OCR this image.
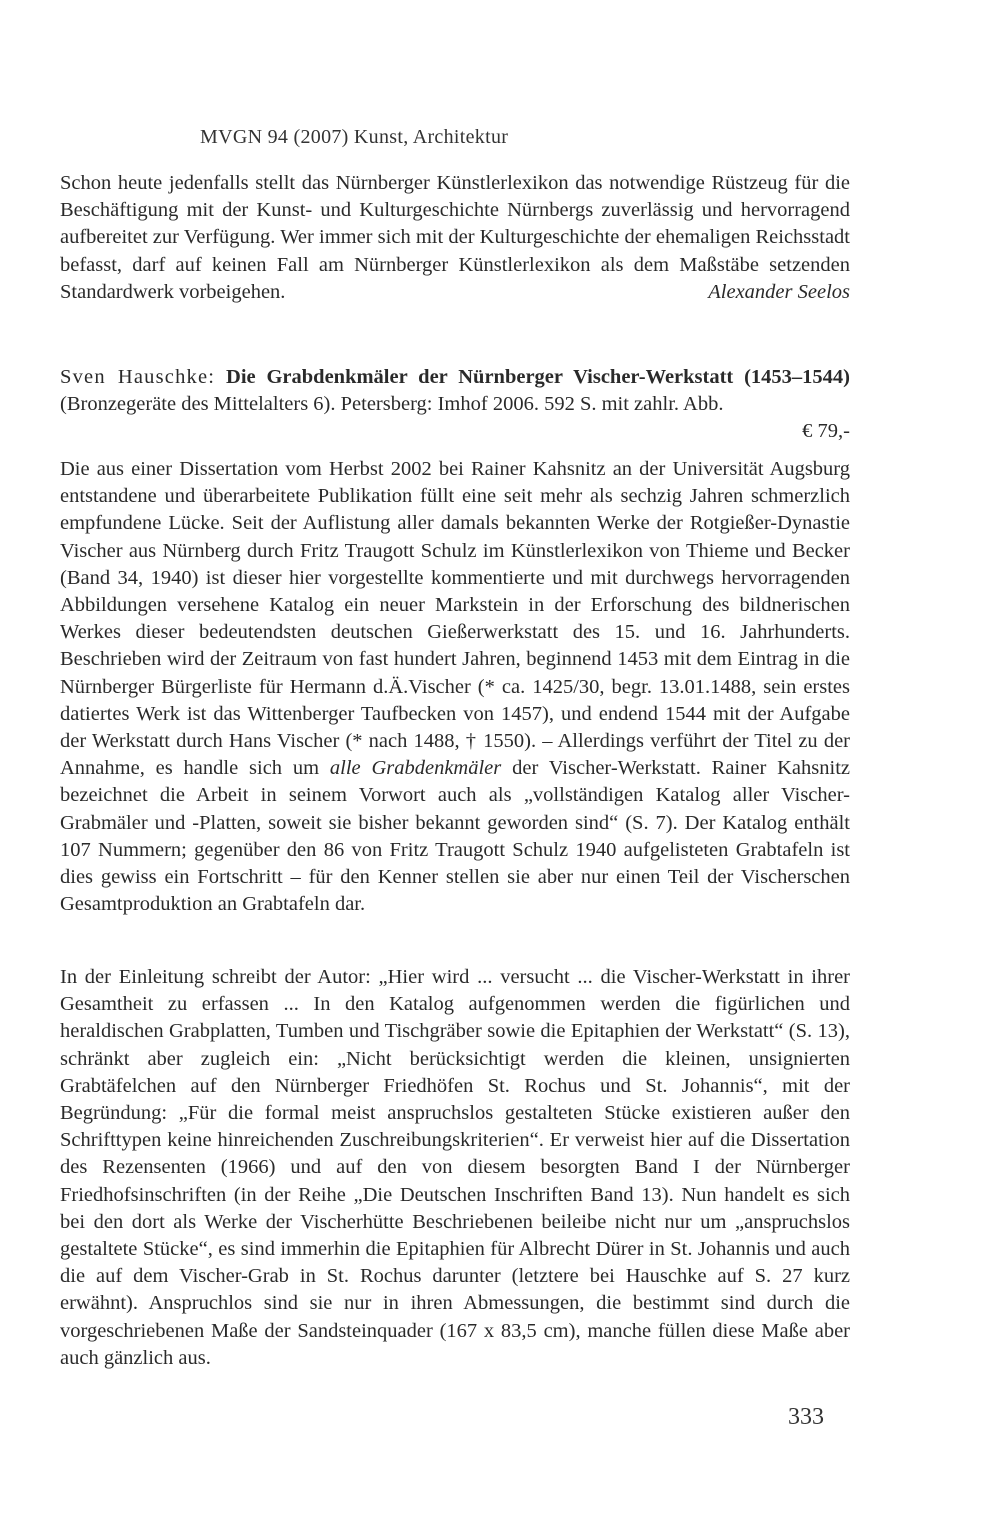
MVGN 94 (2007) Kunst, Architektur

Schon heute jedenfalls stellt das Nürnberger Künstlerlexikon das notwendige Rüstzeug für die Beschäftigung mit der Kunst- und Kulturgeschichte Nürnbergs zuverlässig und hervorragend aufbereitet zur Verfügung. Wer immer sich mit der Kulturgeschichte der ehemaligen Reichsstadt befasst, darf auf keinen Fall am Nürnberger Künstlerlexikon als dem Maßstäbe setzenden Standardwerk vorbeigehen.	Alexander Seelos

Sven Hauschke: Die Grabdenkmäler der Nürnberger Vischer-Werkstatt (1453–1544) (Bronzegeräte des Mittelalters 6). Petersberg: Imhof 2006. 592 S. mit zahlr. Abb.
€ 79,-

Die aus einer Dissertation vom Herbst 2002 bei Rainer Kahsnitz an der Universität Augsburg entstandene und überarbeitete Publikation füllt eine seit mehr als sechzig Jahren schmerzlich empfundene Lücke. Seit der Auflistung aller damals bekannten Werke der Rotgießer-Dynastie Vischer aus Nürnberg durch Fritz Traugott Schulz im Künstlerlexikon von Thieme und Becker (Band 34, 1940) ist dieser hier vorgestellte kommentierte und mit durchwegs hervorragenden Abbildungen versehene Katalog ein neuer Markstein in der Erforschung des bildnerischen Werkes dieser bedeutendsten deutschen Gießerwerkstatt des 15. und 16. Jahrhunderts. Beschrieben wird der Zeitraum von fast hundert Jahren, beginnend 1453 mit dem Eintrag in die Nürnberger Bürgerliste für Hermann d.Ä.Vischer (* ca. 1425/30, begr. 13.01.1488, sein erstes datiertes Werk ist das Wittenberger Taufbecken von 1457), und endend 1544 mit der Aufgabe der Werkstatt durch Hans Vischer (* nach 1488, † 1550). – Allerdings verführt der Titel zu der Annahme, es handle sich um alle Grabdenkmäler der Vischer-Werkstatt. Rainer Kahsnitz bezeichnet die Arbeit in seinem Vorwort auch als „vollständigen Katalog aller Vischer-Grabmäler und -Platten, soweit sie bisher bekannt geworden sind“ (S. 7). Der Katalog enthält 107 Nummern; gegenüber den 86 von Fritz Traugott Schulz 1940 aufgelisteten Grabtafeln ist dies gewiss ein Fortschritt – für den Kenner stellen sie aber nur einen Teil der Vischerschen Gesamtproduktion an Grabtafeln dar.

In der Einleitung schreibt der Autor: „Hier wird ... versucht ... die Vischer-Werkstatt in ihrer Gesamtheit zu erfassen ... In den Katalog aufgenommen werden die figürlichen und heraldischen Grabplatten, Tumben und Tischgräber sowie die Epitaphien der Werkstatt“ (S. 13), schränkt aber zugleich ein: „Nicht berücksichtigt werden die kleinen, unsignierten Grabtäfelchen auf den Nürnberger Friedhöfen St. Rochus und St. Johannis“, mit der Begründung: „Für die formal meist anspruchslos gestalteten Stücke existieren außer den Schrifttypen keine hinreichenden Zuschreibungskriterien“. Er verweist hier auf die Dissertation des Rezensenten (1966) und auf den von diesem besorgten Band I der Nürnberger Friedhofsinschriften (in der Reihe „Die Deutschen Inschriften Band 13). Nun handelt es sich bei den dort als Werke der Vischerhütte Beschriebenen beileibe nicht nur um „anspruchslos gestaltete Stücke“, es sind immerhin die Epitaphien für Albrecht Dürer in St. Johannis und auch die auf dem Vischer-Grab in St. Rochus darunter (letztere bei Hauschke auf S. 27 kurz erwähnt). Anspruchlos sind sie nur in ihren Abmessungen, die bestimmt sind durch die vorgeschriebenen Maße der Sandsteinquader (167 x 83,5 cm), manche füllen diese Maße aber auch gänzlich aus.

333
